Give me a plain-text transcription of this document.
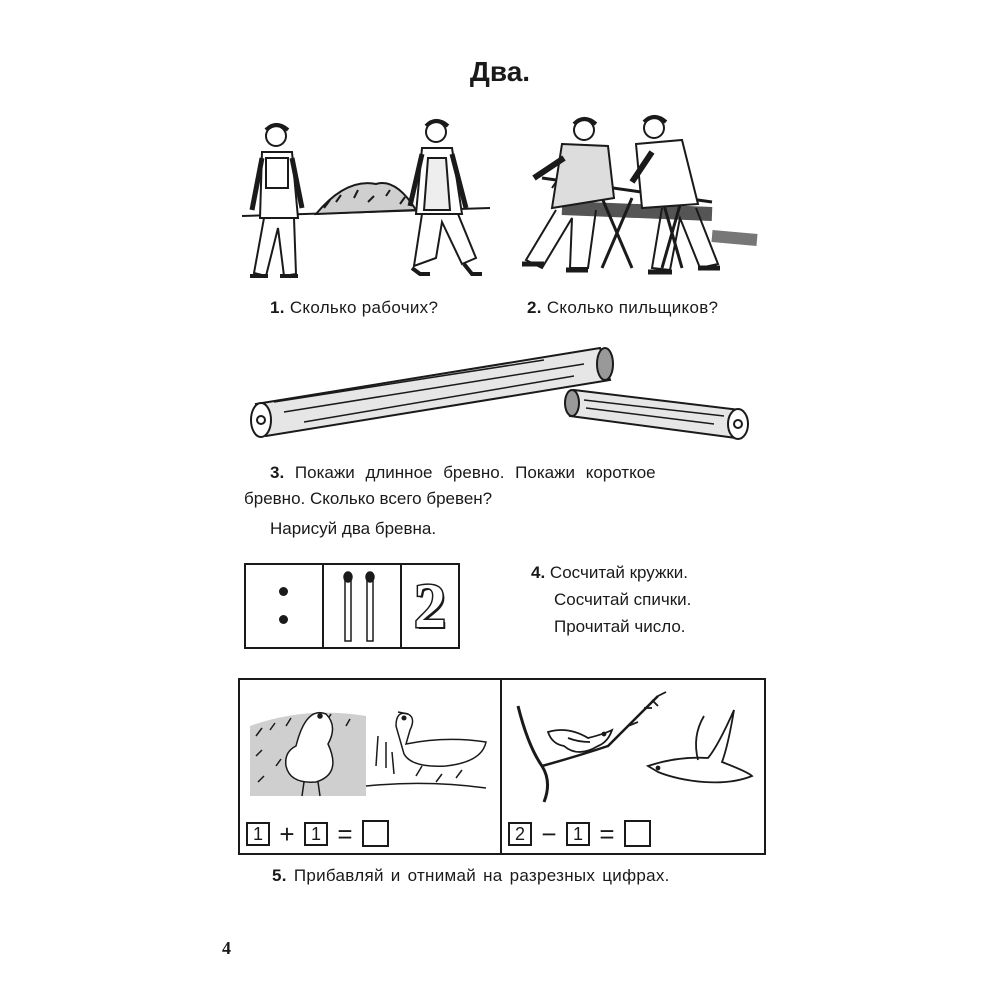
Два.
1. Сколько рабочих?	2. Сколько пильщиков?
3. Покажи длинное бревно. Покажи короткое
бревно. Сколько всего бревен?
Нарисуй два бревна.
2	4. Сосчитай кружки.
Сосчитай спички.
Прочитай число.
1 + 1 =	2 − 1 =
5. Прибавляй и отнимай на разрезных цифрах.
4
